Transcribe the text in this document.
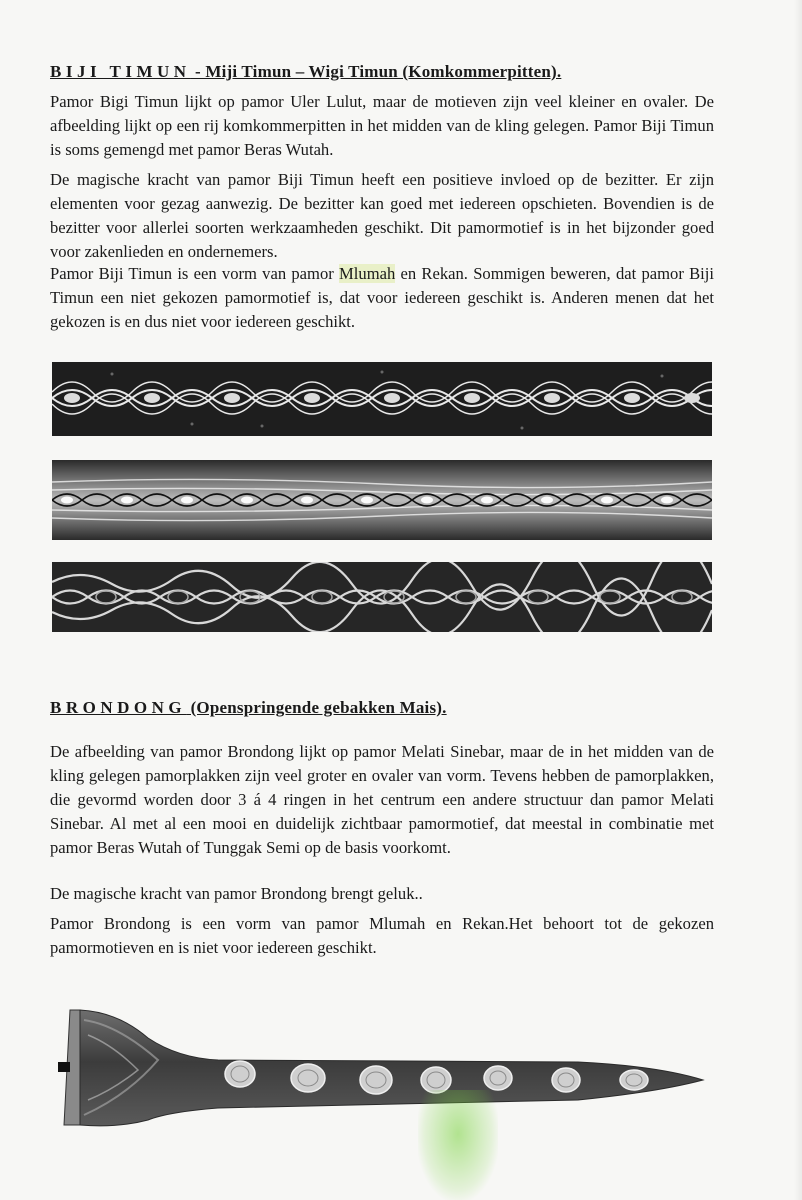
BIJI TIMUN - Miji Timun – Wigi Timun (Komkommerpitten).

Pamor Bigi Timun lijkt op pamor Uler Lulut, maar de motieven zijn veel kleiner en ovaler. De afbeelding lijkt op een rij komkommerpitten in het midden van de kling gelegen. Pamor Biji Timun is soms gemengd met pamor Beras Wutah.

De magische kracht van pamor Biji Timun heeft een positieve invloed op de bezitter. Er zijn elementen voor gezag aanwezig. De bezitter kan goed met iedereen opschieten. Bovendien is de bezitter voor allerlei soorten werkzaamheden geschikt. Dit pamormotief is in het bijzonder goed voor zakenlieden en ondernemers.

Pamor Biji Timun is een vorm van pamor Mlumah en Rekan. Sommigen beweren, dat pamor Biji Timun een niet gekozen pamormotief is, dat voor iedereen geschikt is. Anderen menen dat het gekozen is en dus niet voor iedereen geschikt.

BRONDONG (Openspringende gebakken Mais).

De afbeelding van pamor Brondong lijkt op pamor Melati Sinebar, maar de in het midden van de kling gelegen pamorplakken zijn veel groter en ovaler van vorm. Tevens hebben de pamorplakken, die gevormd worden door 3 á 4 ringen in het centrum een andere structuur dan pamor Melati Sinebar. Al met al een mooi en duidelijk zichtbaar pamormotief, dat meestal in combinatie met pamor Beras Wutah of Tunggak Semi op de basis voorkomt.

De magische kracht van pamor Brondong brengt geluk..

Pamor Brondong is een vorm van pamor Mlumah en Rekan.Het behoort tot de gekozen pamormotieven en is niet voor iedereen geschikt.
